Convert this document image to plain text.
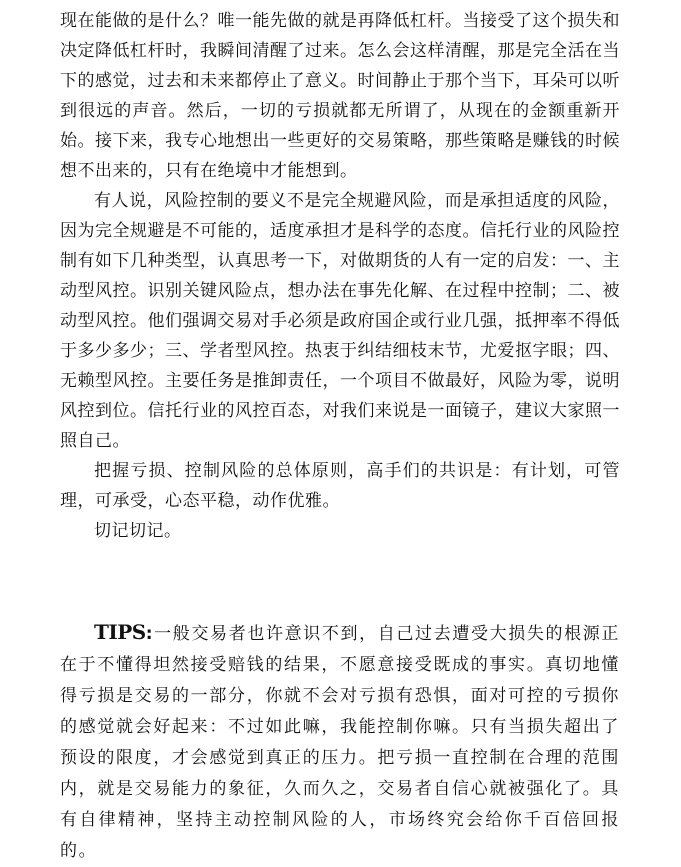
现在能做的是什么？唯一能先做的就是再降低杠杆。当接受了这个损失和决定降低杠杆时，我瞬间清醒了过来。怎么会这样清醒，那是完全活在当下的感觉，过去和未来都停止了意义。时间静止于那个当下，耳朵可以听到很远的声音。然后，一切的亏损就都无所谓了，从现在的金额重新开始。接下来，我专心地想出一些更好的交易策略，那些策略是赚钱的时候想不出来的，只有在绝境中才能想到。

有人说，风险控制的要义不是完全规避风险，而是承担适度的风险，因为完全规避是不可能的，适度承担才是科学的态度。信托行业的风险控制有如下几种类型，认真思考一下，对做期货的人有一定的启发：一、主动型风控。识别关键风险点，想办法在事先化解、在过程中控制；二、被动型风控。他们强调交易对手必须是政府国企或行业几强，抵押率不得低于多少多少；三、学者型风控。热衷于纠结细枝末节，尤爱抠字眼；四、无赖型风控。主要任务是推卸责任，一个项目不做最好，风险为零，说明风控到位。信托行业的风控百态，对我们来说是一面镜子，建议大家照一照自己。

把握亏损、控制风险的总体原则，高手们的共识是：有计划，可管理，可承受，心态平稳，动作优雅。

切记切记。

TIPS:一般交易者也许意识不到，自己过去遭受大损失的根源正在于不懂得坦然接受赔钱的结果，不愿意接受既成的事实。真切地懂得亏损是交易的一部分，你就不会对亏损有恐惧，面对可控的亏损你的感觉就会好起来：不过如此嘛，我能控制你嘛。只有当损失超出了预设的限度，才会感觉到真正的压力。把亏损一直控制在合理的范围内，就是交易能力的象征，久而久之，交易者自信心就被强化了。具有自律精神，坚持主动控制风险的人，市场终究会给你千百倍回报的。
